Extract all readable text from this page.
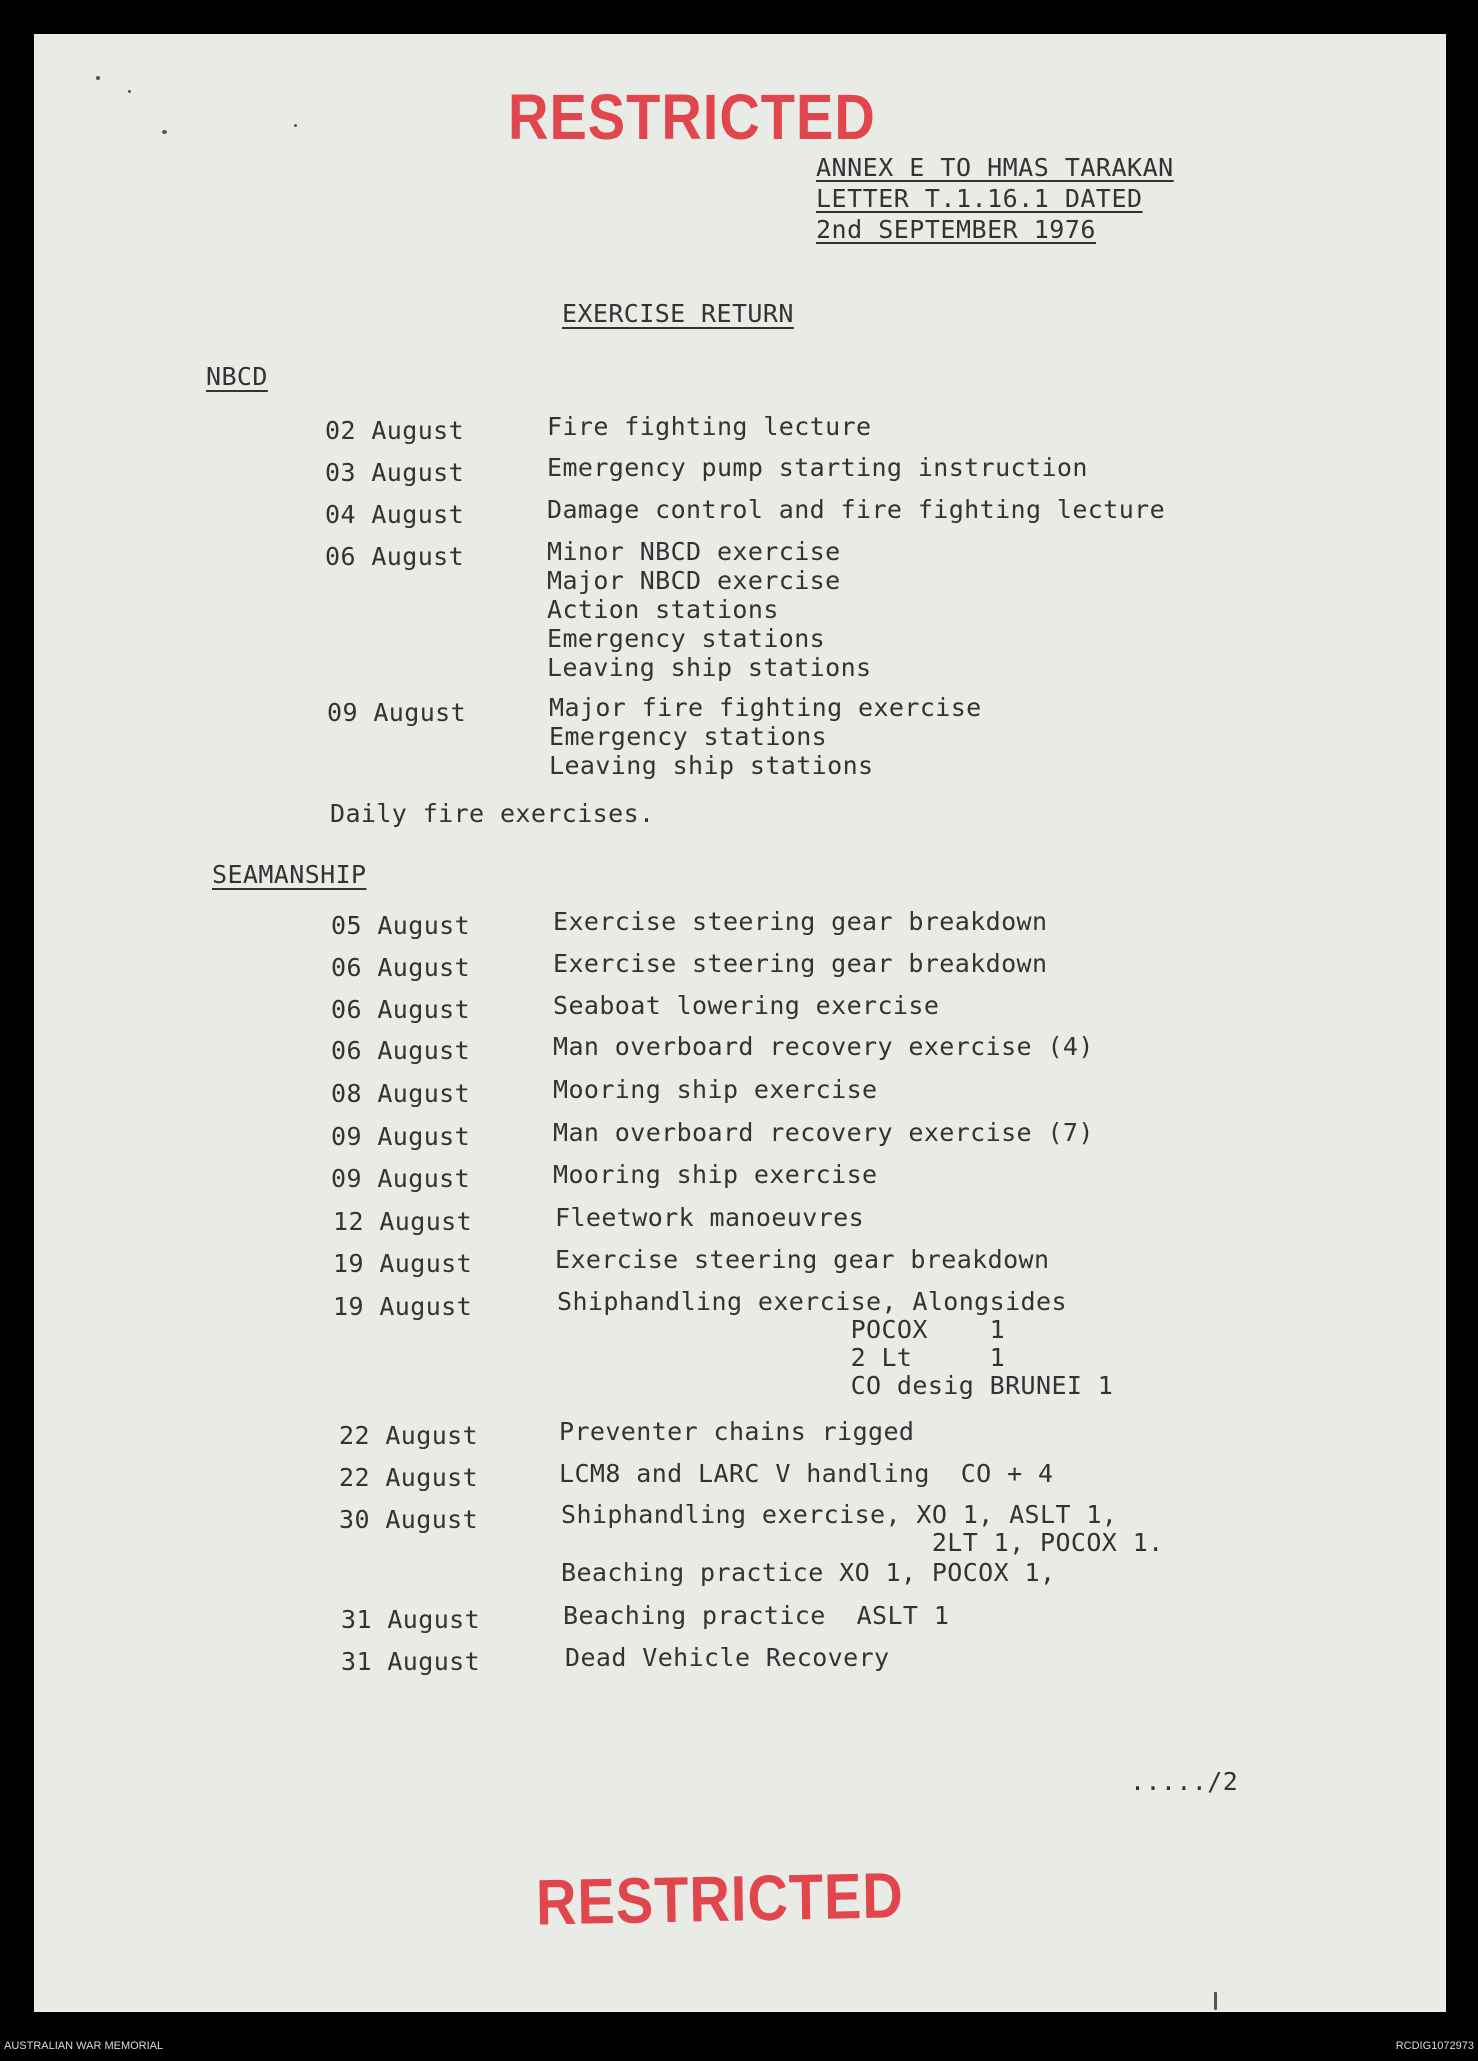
RESTRICTED
ANNEX E TO HMAS TARAKAN
LETTER T.1.16.1 DATED
2nd SEPTEMBER 1976
EXERCISE RETURN
NBCD
02 August	Fire fighting lecture
03 August	Emergency pump starting instruction
04 August	Damage control and fire fighting lecture
06 August	Minor NBCD exercise
Major NBCD exercise
Action stations
Emergency stations
Leaving ship stations
09 August	Major fire fighting exercise
Emergency stations
Leaving ship stations
Daily fire exercises.
SEAMANSHIP
05 August	Exercise steering gear breakdown
06 August	Exercise steering gear breakdown
06 August	Seaboat lowering exercise
06 August	Man overboard recovery exercise (4)
08 August	Mooring ship exercise
09 August	Man overboard recovery exercise (7)
09 August	Mooring ship exercise
12 August	Fleetwork manoeuvres
19 August	Exercise steering gear breakdown
19 August	Shiphandling exercise, Alongsides
POCOX    1
2 Lt     1
CO desig BRUNEI 1
22 August	Preventer chains rigged
22 August	LCM8 and LARC V handling  CO + 4
30 August	Shiphandling exercise, XO 1, ASLT 1,
2LT 1, POCOX 1.
Beaching practice XO 1, POCOX 1,
31 August	Beaching practice  ASLT 1
31 August	Dead Vehicle Recovery
...../2
RESTRICTED
AUSTRALIAN WAR MEMORIAL	RCDIG1072973
